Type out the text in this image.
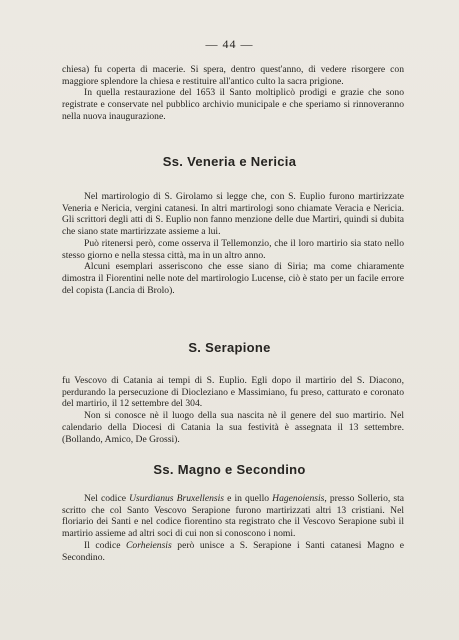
— 44 —

chiesa) fu coperta di macerie. Si spera, dentro quest'anno, di vedere risorgere con maggiore splendore la chiesa e restituire all'antico culto la sacra prigione.

In quella restaurazione del 1653 il Santo moltiplicò prodigi e grazie che sono registrate e conservate nel pubblico archivio municipale e che speriamo si rinnoveranno nella nuova inaugurazione.

Ss. Veneria e Nericia

Nel martirologio di S. Girolamo si legge che, con S. Euplio furono martirizzate Veneria e Nericia, vergini catanesi. In altri martirologi sono chiamate Veracia e Nericia. Gli scrittori degli atti di S. Euplio non fanno menzione delle due Martiri, quindi si dubita che siano state martirizzate assieme a lui.

Può ritenersi però, come osserva il Tellemonzio, che il loro martirio sia stato nello stesso giorno e nella stessa città, ma in un altro anno.

Alcuni esemplari asseriscono che esse siano di Siria; ma come chiaramente dimostra il Fiorentini nelle note del martirologio Lucense, ciò è stato per un facile errore del copista (Lancia di Brolo).

S. Serapione

fu Vescovo di Catania ai tempi di S. Euplio. Egli dopo il martirio del S. Diacono, perdurando la persecuzione di Diocleziano e Massimiano, fu preso, catturato e coronato del martirio, il 12 settembre del 304.

Non si conosce nè il luogo della sua nascita nè il genere del suo martirio. Nel calendario della Diocesi di Catania la sua festività è assegnata il 13 settembre. (Bollando, Amico, De Grossi).

Ss. Magno e Secondino

Nel codice Usurdianus Bruxellensis e in quello Hagenoiensis, presso Sollerio, sta scritto che col Santo Vescovo Serapione furono martirizzati altri 13 cristiani. Nel floriario dei Santi e nel codice fiorentino sta registrato che il Vescovo Serapione subì il martirio assieme ad altri soci di cui non si conoscono i nomi.

Il codice Corheiensis però unisce a S. Serapione i Santi catanesi Magno e Secondino.
